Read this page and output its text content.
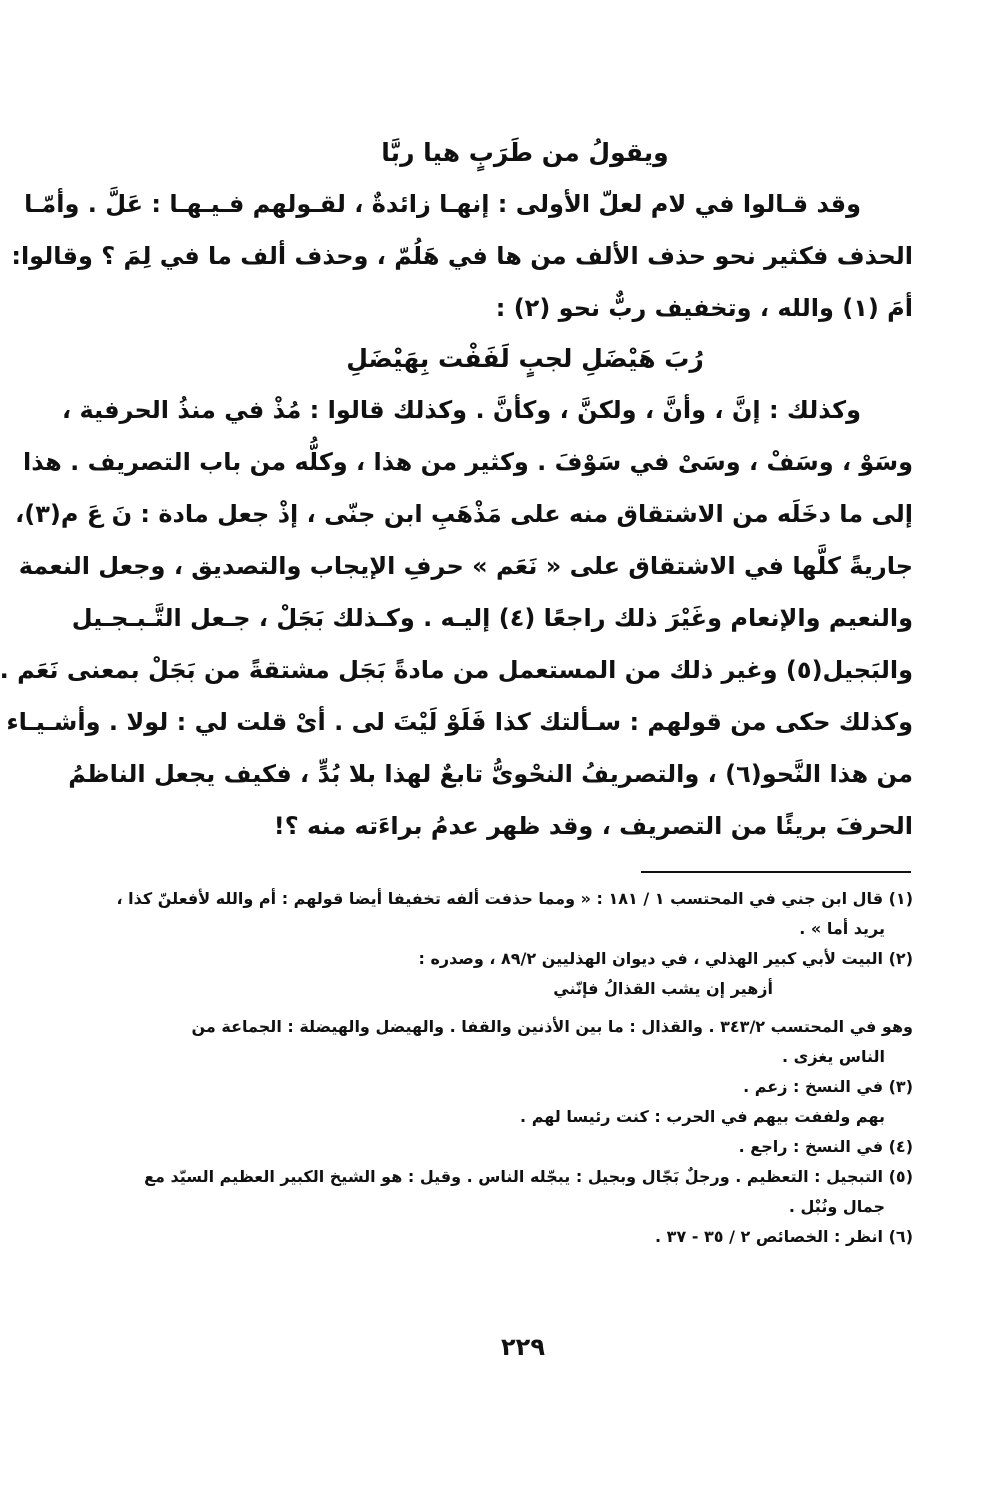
ويقولُ من طَرَبٍ هيا ربَّا
وقد قـالوا في لام لعلّ الأولى : إنهـا زائدةٌ ، لقـولهم فـيـهـا : عَلَّ . وأمّـا
الحذف فكثير نحو حذف الألف من ها في هَلُمّ ، وحذف ألف ما في لِمَ ؟ وقالوا:
أمَ (١) والله ، وتخفيف ربٌّ نحو (٢) :
رُبَ هَيْضَلِ لجبٍ لَفَفْت بِهَيْضَلِ
وكذلك : إنَّ ، وأنَّ ، ولكنَّ ، وكأنَّ . وكذلك قالوا : مُذْ في منذُ الحرفية ،
وسَوْ ، وسَفْ ، وسَىْ في سَوْفَ . وكثير من هذا ، وكلُّه من باب التصريف . هذا
إلى ما دخَلَه من الاشتقاق منه على مَذْهَبِ ابن جنّى ، إذْ جعل مادة : نَ عَ م(٣)،
جاريةً كلَّها في الاشتقاق على « نَعَم » حرفِ الإيجاب والتصديق ، وجعل النعمة
والنعيم والإنعام وغَيْرَ ذلك راجعًا (٤) إليـه . وكـذلك بَجَلْ ، جـعل التَّـبـجـيل
والبَجيل(٥) وغير ذلك من المستعمل من مادةً بَجَل مشتقةً من بَجَلْ بمعنى نَعَم .
وكذلك حكى من قولهم : سـألتك كذا فَلَوْ لَيْتَ لى . أىْ قلت لي : لولا . وأشـيـاء
من هذا النَّحو(٦) ، والتصريفُ النحْوىُّ تابعٌ لهذا بلا بُدٍّ ، فكيف يجعل الناظمُ
الحرفَ بريئًا من التصريف ، وقد ظهر عدمُ براءَته منه ؟!
(١) قال ابن جني في المحتسب ١ / ١٨١ : « ومما حذفت ألفه تخفيفا أيضا قولهم : أم والله لأفعلنّ كذا ،
يريد أما » .
(٢) البيت لأبي كبير الهذلي ، في ديوان الهذليين ٨٩/٢ ، وصدره :
أزهير إن يشب القذالُ فإنّني
وهو في المحتسب ٣٤٣/٢ . والقذال : ما بين الأذنين والقفا . والهيضل والهيضلة : الجماعة من
الناس يغزى .
(٣) في النسخ : زعم .
بهم ولففت بيهم في الحرب : كنت رئيسا لهم .
(٤) في النسخ : راجع .
(٥) التبجيل : التعظيم . ورجلٌ بَجّال وبجيل : يبجّله الناس . وقيل : هو الشيخ الكبير العظيم السيّد مع
جمال ونُبْل .
(٦) انظر : الخصائص ٢ / ٣٥ - ٣٧ .
٢٢٩
